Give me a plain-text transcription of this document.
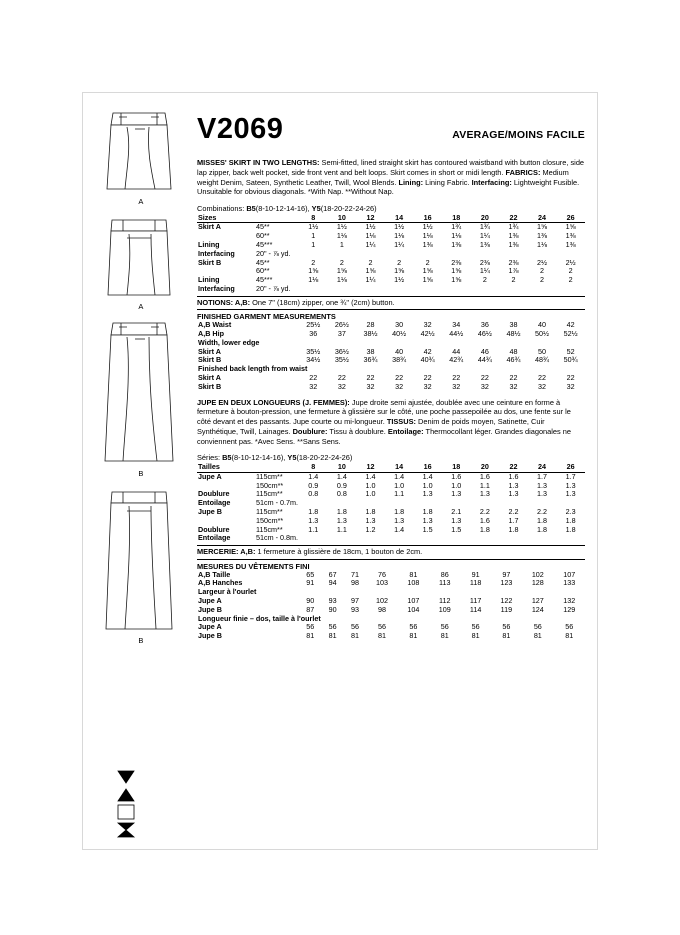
A
A
B
B
V2069	AVERAGE/MOINS FACILE

MISSES' SKIRT IN TWO LENGTHS: Semi-fitted, lined straight skirt has contoured waistband with button closure, side lap zipper, back welt pocket, side front vent and belt loops. Skirt comes in short or midi length. FABRICS: Medium weight Denim, Sateen, Synthetic Leather, Twill, Wool Blends. Lining: Lining Fabric. Interfacing: Lightweight Fusible. Unsuitable for obvious diagonals. *With Nap. **Without Nap.

Combinations: B5(8-10-12-14-16), Y5(18-20-22-24-26)
Sizes		8	10	12	14	16	18	20	22	24	26
Skirt A	45**	1½	1½	1½	1½	1½	1¾	1¾	1¾	1⅝	1⅝
	60**	1	1⅛	1⅛	1⅛	1⅛	1⅛	1¼	1⅜	1⅜	1⅜
Lining	45***	1	1	1¼	1¼	1⅜	1⅜	1⅜	1⅜	1⅛	1⅜
Interfacing	20" - ⅞ yd.										
Skirt B	45**	2	2	2	2	2	2⅜	2⅜	2⅜	2½	2½
	60**	1⅝	1⅝	1⅝	1⅝	1⅝	1⅝	1¼	1⅞	2	2
Lining	45***	1⅛	1⅛	1¼	1½	1⅝	1⅝	2	2	2	2
Interfacing	20" - ⅞ yd.										
NOTIONS: A,B: One 7" (18cm) zipper, one ¾" (2cm) button.
FINISHED GARMENT MEASUREMENTS
A,B Waist		25½	26½	28	30	32	34	36	38	40	42
A,B Hip		36	37	38½	40½	42½	44½	46½	48½	50½	52½
Width, lower edge											
Skirt A		35½	36½	38	40	42	44	46	48	50	52
Skirt B		34½	35½	36¾	38¾	40¾	42¾	44¾	46¾	48¾	50¾
Finished back length from waist											
Skirt A		22	22	22	22	22	22	22	22	22	22
Skirt B		32	32	32	32	32	32	32	32	32	32

JUPE EN DEUX LONGUEURS (J. FEMMES): Jupe droite semi ajustée, doublée avec une ceinture en forme à fermeture à bouton-pression, une fermeture à glissière sur le côté, une poche passepoilée au dos, une fente sur le côté devant et des passants. Jupe courte ou mi-longueur. TISSUS: Denim de poids moyen, Satinette, Cuir Synthétique, Twill, Lainages. Doublure: Tissu à doublure. Entoilage: Thermocollant léger. Grandes diagonales ne conviennent pas. *Avec Sens. **Sans Sens.

Séries: B5(8-10-12-14-16), Y5(18-20-22-24-26)
Tailles		8	10	12	14	16	18	20	22	24	26
Jupe A	115cm**	1.4	1.4	1.4	1.4	1.4	1.6	1.6	1.6	1.7	1.7
	150cm**	0.9	0.9	1.0	1.0	1.0	1.0	1.1	1.3	1.3	1.3
Doublure	115cm**	0.8	0.8	1.0	1.1	1.3	1.3	1.3	1.3	1.3	1.3
Entoilage	51cm - 0.7m.										
Jupe B	115cm**	1.8	1.8	1.8	1.8	1.8	2.1	2.2	2.2	2.2	2.3
	150cm**	1.3	1.3	1.3	1.3	1.3	1.3	1.6	1.7	1.8	1.8
Doublure	115cm**	1.1	1.1	1.2	1.4	1.5	1.5	1.8	1.8	1.8	1.8
Entoilage	51cm - 0.8m.										
MERCERIE: A,B: 1 fermeture à glissière de 18cm, 1 bouton de 2cm.
MESURES DU VÊTEMENTS FINI
A,B Taille		65	67	71	76	81	86	91	97	102	107
A,B Hanches		91	94	98	103	108	113	118	123	128	133
Largeur à l'ourlet											
Jupe A		90	93	97	102	107	112	117	122	127	132
Jupe B		87	90	93	98	104	109	114	119	124	129
Longueur finie – dos, taille à l'ourlet											
Jupe A		56	56	56	56	56	56	56	56	56	56
Jupe B		81	81	81	81	81	81	81	81	81	81
